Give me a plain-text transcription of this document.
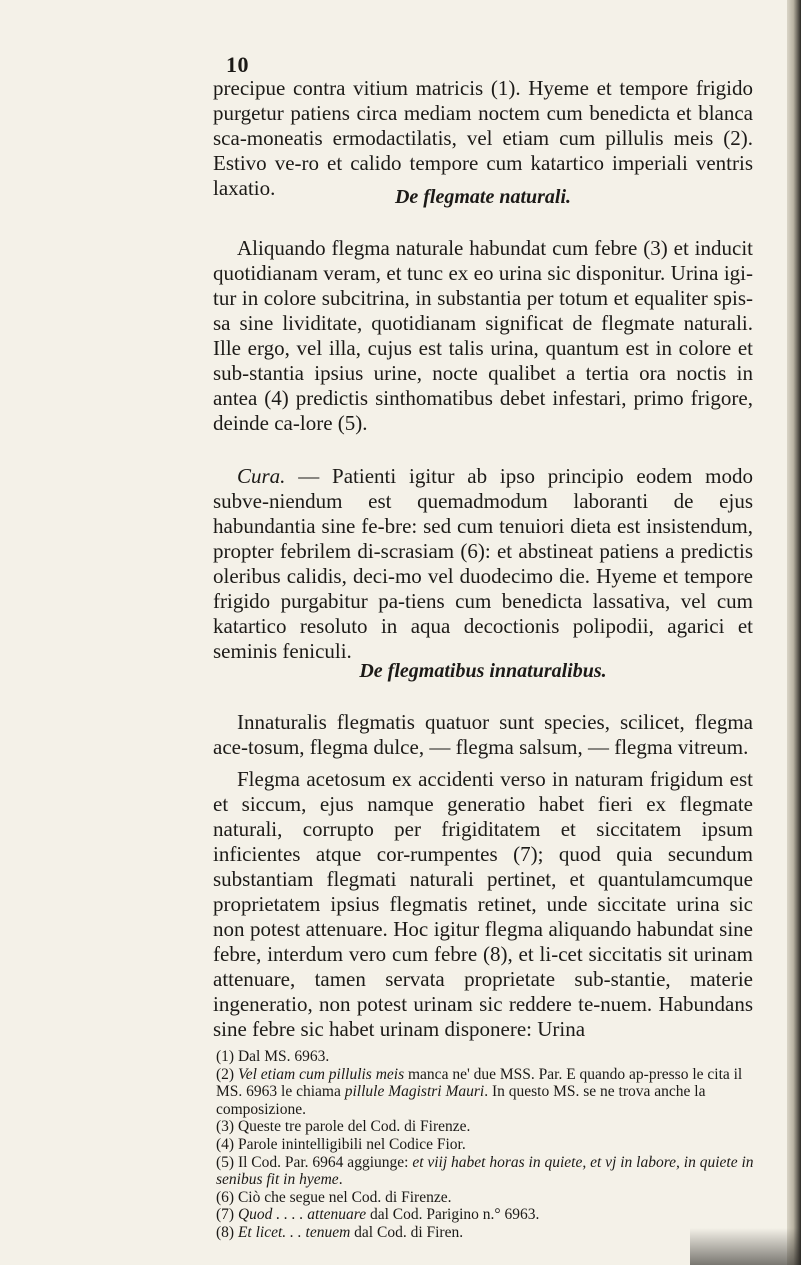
10

precipue contra vitium matricis (1). Hyeme et tempore frigido purgetur patiens circa mediam noctem cum benedicta et blanca sca-moneatis ermodactilatis, vel etiam cum pillulis meis (2). Estivo ve-ro et calido tempore cum katartico imperiali ventris laxatio.	De flegmate naturali.

Aliquando flegma naturale habundat cum febre (3) et inducit quotidianam veram, et tunc ex eo urina sic disponitur. Urina igi-tur in colore subcitrina, in substantia per totum et equaliter spis-sa sine lividitate, quotidianam significat de flegmate naturali. Ille ergo, vel illa, cujus est talis urina, quantum est in colore et sub-stantia ipsius urine, nocte qualibet a tertia ora noctis in antea (4) predictis sinthomatibus debet infestari, primo frigore, deinde ca-lore (5).

Cura. — Patienti igitur ab ipso principio eodem modo subve-niendum est quemadmodum laboranti de ejus habundantia sine fe-bre: sed cum tenuiori dieta est insistendum, propter febrilem di-scrasiam (6): et abstineat patiens a predictis oleribus calidis, deci-mo vel duodecimo die. Hyeme et tempore frigido purgabitur pa-tiens cum benedicta lassativa, vel cum katartico resoluto in aqua decoctionis polipodii, agarici et seminis feniculi.

De flegmatibus innaturalibus.

Innaturalis flegmatis quatuor sunt species, scilicet, flegma ace-tosum, flegma dulce, — flegma salsum, — flegma vitreum.

Flegma acetosum ex accidenti verso in naturam frigidum est et siccum, ejus namque generatio habet fieri ex flegmate naturali, corrupto per frigiditatem et siccitatem ipsum inficientes atque cor-rumpentes (7); quod quia secundum substantiam flegmati naturali pertinet, et quantulamcumque proprietatem ipsius flegmatis retinet, unde siccitate urina sic non potest attenuare. Hoc igitur flegma aliquando habundat sine febre, interdum vero cum febre (8), et li-cet siccitatis sit urinam attenuare, tamen servata proprietate sub-stantie, materie ingeneratio, non potest urinam sic reddere te-nuem. Habundans sine febre sic habet urinam disponere: Urina

(1) Dal MS. 6963.
(2) Vel etiam cum pillulis meis manca ne' due MSS. Par. E quando ap-presso le cita il MS. 6963 le chiama pillule Magistri Mauri. In questo MS. se ne trova anche la composizione.
(3) Queste tre parole del Cod. di Firenze.
(4) Parole inintelligibili nel Codice Fior.
(5) Il Cod. Par. 6964 aggiunge: et viij habet horas in quiete, et vj in labore, in quiete in senibus fit in hyeme.
(6) Ciò che segue nel Cod. di Firenze.
(7) Quod . . . . attenuare dal Cod. Parigino n.° 6963.
(8) Et licet. . . tenuem dal Cod. di Firen.
